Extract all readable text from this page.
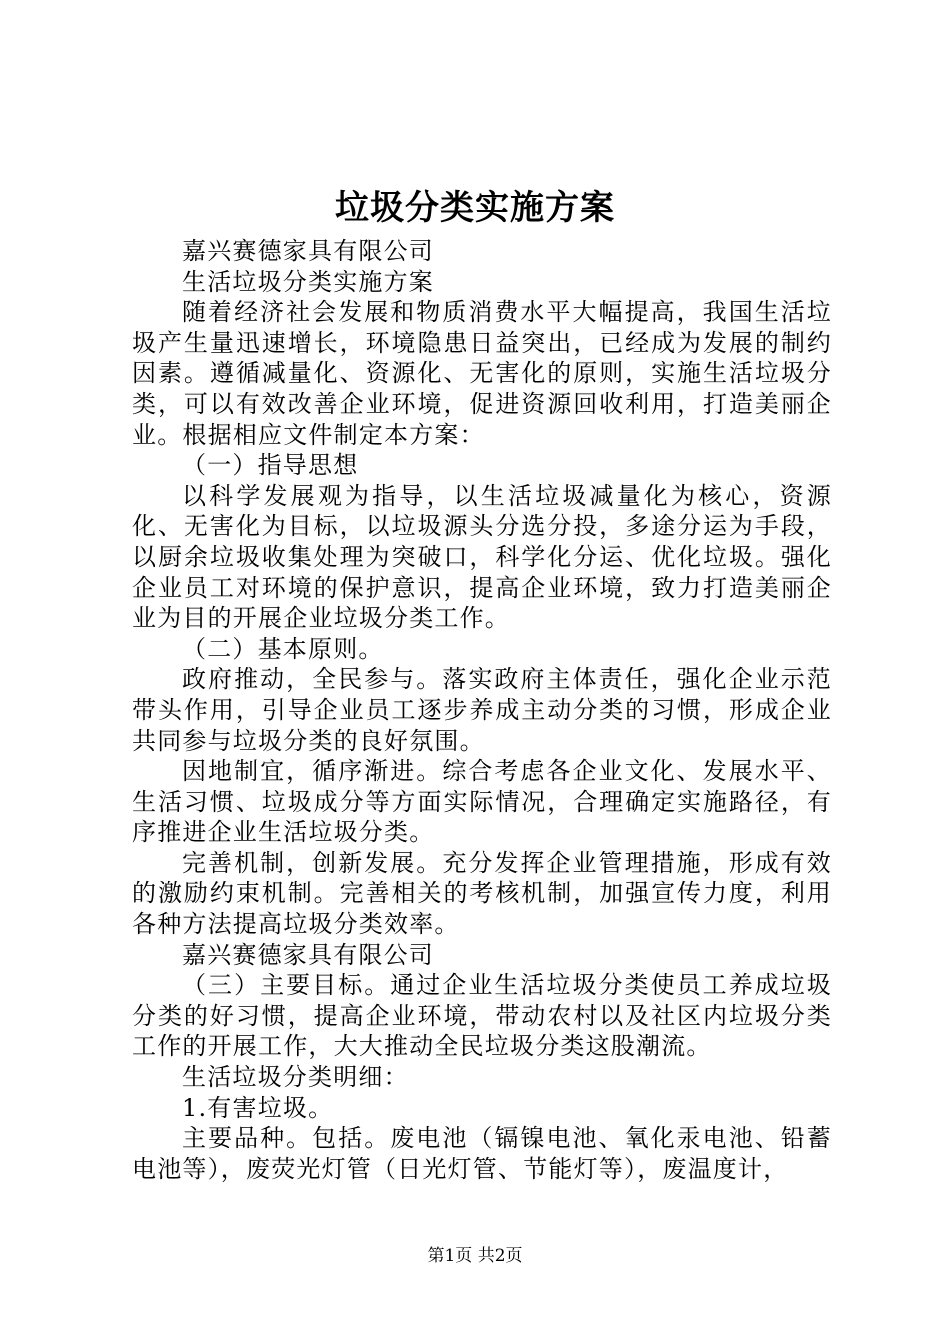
垃圾分类实施方案

嘉兴赛德家具有限公司

生活垃圾分类实施方案

随着经济社会发展和物质消费水平大幅提高，我国生活垃圾产生量迅速增长，环境隐患日益突出，已经成为发展的制约因素。遵循减量化、资源化、无害化的原则，实施生活垃圾分类，可以有效改善企业环境，促进资源回收利用，打造美丽企业。根据相应文件制定本方案：

（一）指导思想

以科学发展观为指导，以生活垃圾减量化为核心，资源化、无害化为目标，以垃圾源头分选分投，多途分运为手段，以厨余垃圾收集处理为突破口，科学化分运、优化垃圾。强化企业员工对环境的保护意识，提高企业环境，致力打造美丽企业为目的开展企业垃圾分类工作。

（二）基本原则。

政府推动，全民参与。落实政府主体责任，强化企业示范带头作用，引导企业员工逐步养成主动分类的习惯，形成企业共同参与垃圾分类的良好氛围。

因地制宜，循序渐进。综合考虑各企业文化、发展水平、生活习惯、垃圾成分等方面实际情况，合理确定实施路径，有序推进企业生活垃圾分类。

完善机制，创新发展。充分发挥企业管理措施，形成有效的激励约束机制。完善相关的考核机制，加强宣传力度，利用各种方法提高垃圾分类效率。

嘉兴赛德家具有限公司

（三）主要目标。通过企业生活垃圾分类使员工养成垃圾分类的好习惯，提高企业环境，带动农村以及社区内垃圾分类工作的开展工作，大大推动全民垃圾分类这股潮流。

生活垃圾分类明细：

1.有害垃圾。

主要品种。包括。废电池（镉镍电池、氧化汞电池、铅蓄电池等），废荧光灯管（日光灯管、节能灯等），废温度计，

第1页 共2页
